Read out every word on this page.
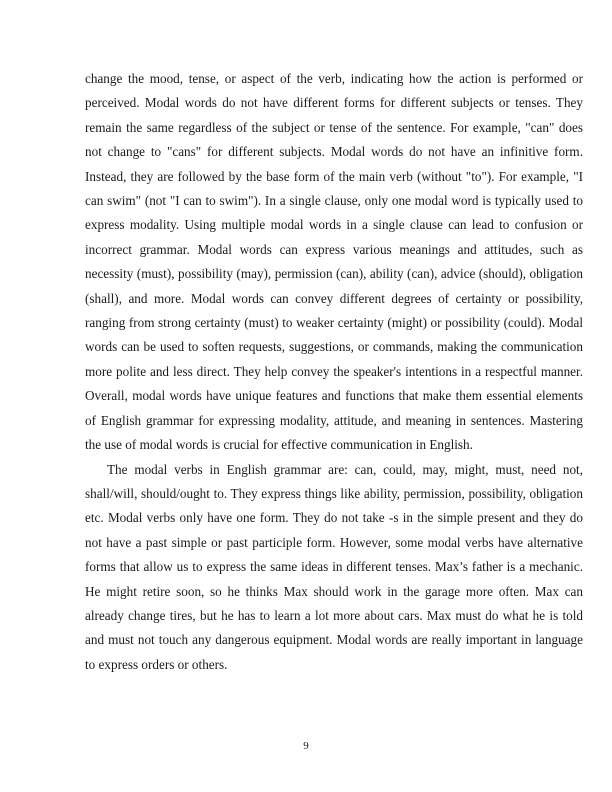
change the mood, tense, or aspect of the verb, indicating how the action is performed or perceived. Modal words do not have different forms for different subjects or tenses. They remain the same regardless of the subject or tense of the sentence. For example, "can" does not change to "cans" for different subjects. Modal words do not have an infinitive form. Instead, they are followed by the base form of the main verb (without "to"). For example, "I can swim" (not "I can to swim"). In a single clause, only one modal word is typically used to express modality. Using multiple modal words in a single clause can lead to confusion or incorrect grammar. Modal words can express various meanings and attitudes, such as necessity (must), possibility (may), permission (can), ability (can), advice (should), obligation (shall), and more. Modal words can convey different degrees of certainty or possibility, ranging from strong certainty (must) to weaker certainty (might) or possibility (could). Modal words can be used to soften requests, suggestions, or commands, making the communication more polite and less direct. They help convey the speaker's intentions in a respectful manner. Overall, modal words have unique features and functions that make them essential elements of English grammar for expressing modality, attitude, and meaning in sentences. Mastering the use of modal words is crucial for effective communication in English.

The modal verbs in English grammar are: can, could, may, might, must, need not, shall/will, should/ought to. They express things like ability, permission, possibility, obligation etc. Modal verbs only have one form. They do not take -s in the simple present and they do not have a past simple or past participle form. However, some modal verbs have alternative forms that allow us to express the same ideas in different tenses. Max’s father is a mechanic. He might retire soon, so he thinks Max should work in the garage more often. Max can already change tires, but he has to learn a lot more about cars. Max must do what he is told and must not touch any dangerous equipment. Modal words are really important in language to express orders or others.

9
